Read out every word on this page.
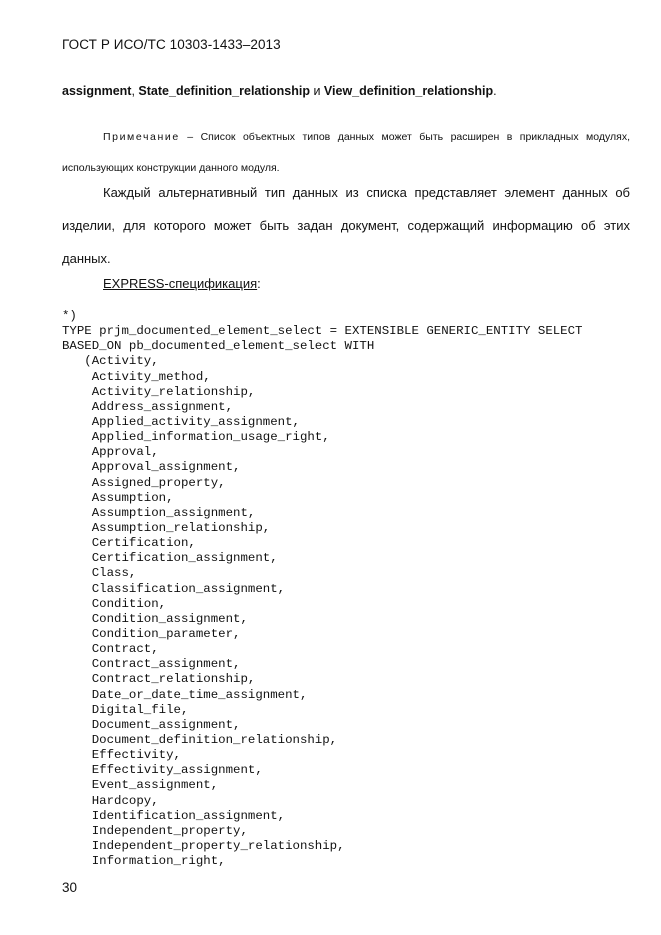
ГОСТ Р ИСО/ТС 10303-1433–2013
assignment, State_definition_relationship и View_definition_relationship.
Примечание – Список объектных типов данных может быть расширен в прикладных модулях, использующих конструкции данного модуля.
Каждый альтернативный тип данных из списка представляет элемент данных об изделии, для которого может быть задан документ, содержащий информацию об этих данных.
EXPRESS-спецификация:
*)
TYPE prjm_documented_element_select = EXTENSIBLE GENERIC_ENTITY SELECT
BASED_ON pb_documented_element_select WITH
(Activity,
Activity_method,
Activity_relationship,
Address_assignment,
Applied_activity_assignment,
Applied_information_usage_right,
Approval,
Approval_assignment,
Assigned_property,
Assumption,
Assumption_assignment,
Assumption_relationship,
Certification,
Certification_assignment,
Class,
Classification_assignment,
Condition,
Condition_assignment,
Condition_parameter,
Contract,
Contract_assignment,
Contract_relationship,
Date_or_date_time_assignment,
Digital_file,
Document_assignment,
Document_definition_relationship,
Effectivity,
Effectivity_assignment,
Event_assignment,
Hardcopy,
Identification_assignment,
Independent_property,
Independent_property_relationship,
Information_right,
30
